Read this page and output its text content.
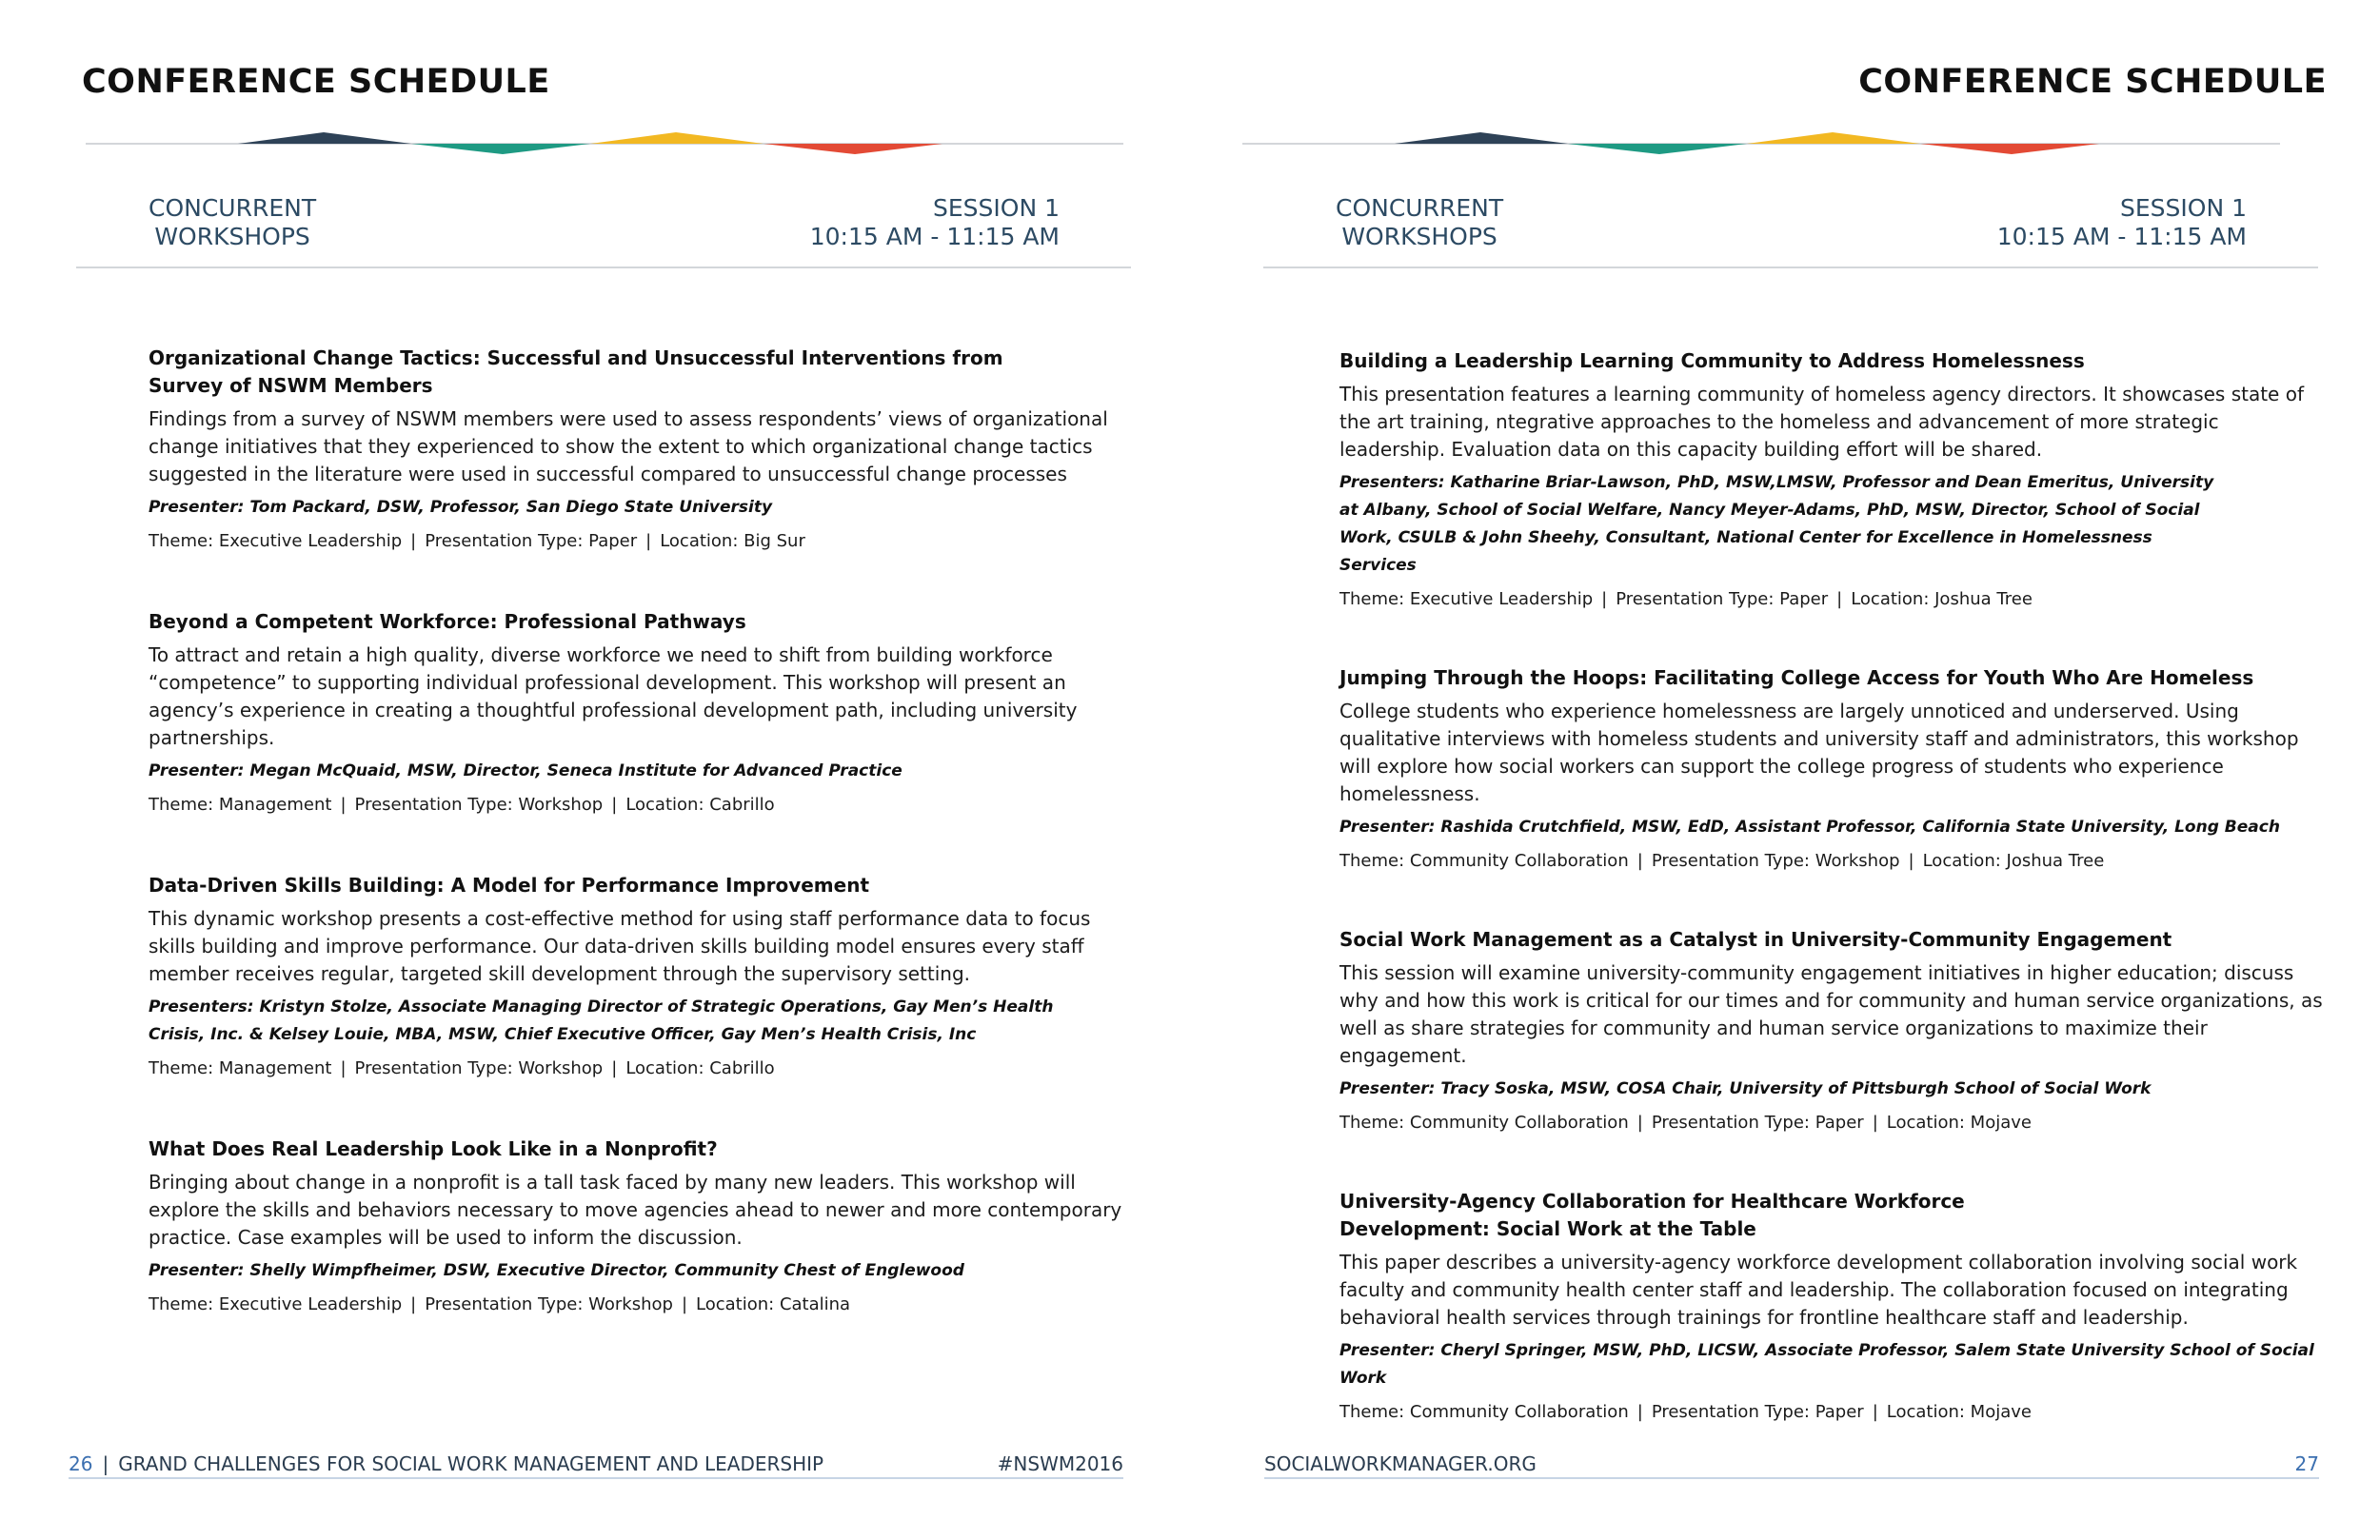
CONFERENCE SCHEDULE
CONCURRENT
WORKSHOPS
SESSION 1
10:15 AM - 11:15 AM
Organizational Change Tactics: Successful and Unsuccessful Interventions from Survey of NSWM Members
Findings from a survey of NSWM members were used to assess respondents’ views of organizational change initiatives that they experienced to show the extent to which organizational change tactics suggested in the literature were used in successful compared to unsuccessful change processes
Presenter: Tom Packard, DSW, Professor, San Diego State University
Theme: Executive Leadership | Presentation Type: Paper | Location: Big Sur
Beyond a Competent Workforce: Professional Pathways
To attract and retain a high quality, diverse workforce we need to shift from building workforce “competence” to supporting individual professional development. This workshop will present an agency’s experience in creating a thoughtful professional development path, including university partnerships.
Presenter: Megan McQuaid, MSW, Director, Seneca Institute for Advanced Practice
Theme: Management | Presentation Type: Workshop | Location: Cabrillo
Data-Driven Skills Building: A Model for Performance Improvement
This dynamic workshop presents a cost-effective method for using staff performance data to focus skills building and improve performance. Our data-driven skills building model ensures every staff member receives regular, targeted skill development through the supervisory setting.
Presenters: Kristyn Stolze, Associate Managing Director of Strategic Operations, Gay Men’s Health Crisis, Inc. & Kelsey Louie, MBA, MSW, Chief Executive Officer, Gay Men’s Health Crisis, Inc
Theme: Management | Presentation Type: Workshop | Location: Cabrillo
What Does Real Leadership Look Like in a Nonprofit?
Bringing about change in a nonprofit is a tall task faced by many new leaders. This workshop will explore the skills and behaviors necessary to move agencies ahead to newer and more contemporary practice. Case examples will be used to inform the discussion.
Presenter: Shelly Wimpfheimer, DSW, Executive Director, Community Chest of Englewood
Theme: Executive Leadership | Presentation Type: Workshop | Location: Catalina
26 | GRAND CHALLENGES FOR SOCIAL WORK MANAGEMENT AND LEADERSHIP	#NSWM2016
CONFERENCE SCHEDULE
CONCURRENT
WORKSHOPS
SESSION 1
10:15 AM - 11:15 AM
Building a Leadership Learning Community to Address Homelessness
This presentation features a learning community of homeless agency directors. It showcases state of the art training, ntegrative approaches to the homeless and advancement of more strategic leadership. Evaluation data on this capacity building effort will be shared.
Presenters: Katharine Briar-Lawson, PhD, MSW,LMSW, Professor and Dean Emeritus, University at Albany, School of Social Welfare, Nancy Meyer-Adams, PhD, MSW, Director, School of Social Work, CSULB & John Sheehy, Consultant, National Center for Excellence in Homelessness Services
Theme: Executive Leadership | Presentation Type: Paper | Location: Joshua Tree
Jumping Through the Hoops: Facilitating College Access for Youth Who Are Homeless
College students who experience homelessness are largely unnoticed and underserved. Using qualitative interviews with homeless students and university staff and administrators, this workshop will explore how social workers can support the college progress of students who experience homelessness.
Presenter: Rashida Crutchfield, MSW, EdD, Assistant Professor, California State University, Long Beach
Theme: Community Collaboration | Presentation Type: Workshop | Location: Joshua Tree
Social Work Management as a Catalyst in University-Community Engagement
This session will examine university-community engagement initiatives in higher education; discuss why and how this work is critical for our times and for community and human service organizations, as well as share strategies for community and human service organizations to maximize their engagement.
Presenter: Tracy Soska, MSW, COSA Chair, University of Pittsburgh School of Social Work
Theme: Community Collaboration | Presentation Type: Paper | Location: Mojave
University-Agency Collaboration for Healthcare Workforce Development: Social Work at the Table
This paper describes a university-agency workforce development collaboration involving social work faculty and community health center staff and leadership. The collaboration focused on integrating behavioral health services through trainings for frontline healthcare staff and leadership.
Presenter: Cheryl Springer, MSW, PhD, LICSW, Associate Professor, Salem State University School of Social Work
Theme: Community Collaboration | Presentation Type: Paper | Location: Mojave
SOCIALWORKMANAGER.ORG	27
